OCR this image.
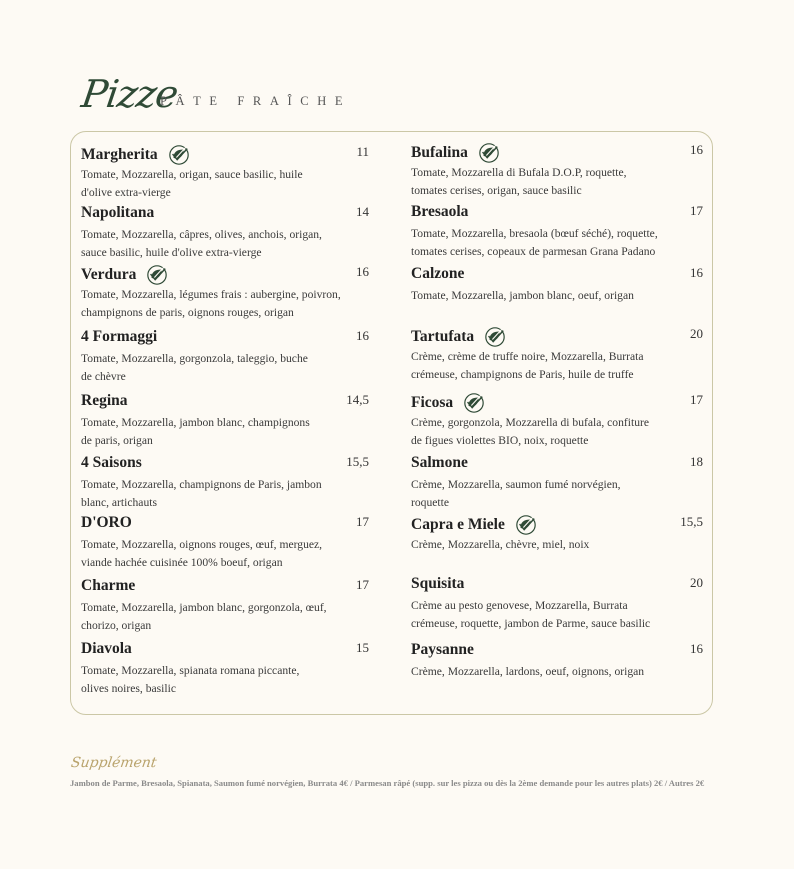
Pizze
PÂTE FRAÎCHE
Margherita	11
Tomate, Mozzarella, origan, sauce basilic, huile
d'olive extra-vierge
Napolitana	14
Tomate, Mozzarella, câpres, olives, anchois, origan,
sauce basilic, huile d'olive extra-vierge
Verdura	16
Tomate, Mozzarella, légumes frais : aubergine, poivron,
champignons de paris, oignons rouges, origan
4 Formaggi	16
Tomate, Mozzarella, gorgonzola, taleggio, buche
de chèvre
Regina	14,5
Tomate, Mozzarella, jambon blanc, champignons
de paris, origan
4 Saisons	15,5
Tomate, Mozzarella, champignons de Paris, jambon
blanc, artichauts
D'ORO	17
Tomate, Mozzarella, oignons rouges, œuf, merguez,
viande hachée cuisinée 100% boeuf, origan
Charme	17
Tomate, Mozzarella, jambon blanc, gorgonzola, œuf,
chorizo, origan
Diavola	15
Tomate, Mozzarella, spianata romana piccante,
olives noires, basilic
Bufalina	16
Tomate, Mozzarella di Bufala D.O.P, roquette,
tomates cerises, origan, sauce basilic
Bresaola	17
Tomate, Mozzarella, bresaola (bœuf séché), roquette,
tomates cerises, copeaux de parmesan Grana Padano
Calzone	16
Tomate, Mozzarella, jambon blanc, oeuf, origan
Tartufata	20
Crème, crème de truffe noire, Mozzarella, Burrata
crémeuse, champignons de Paris, huile de truffe
Ficosa	17
Crème, gorgonzola, Mozzarella di bufala, confiture
de figues violettes BIO, noix, roquette
Salmone	18
Crème, Mozzarella, saumon fumé norvégien,
roquette
Capra e Miele	15,5
Crème, Mozzarella, chèvre, miel, noix
Squisita	20
Crème au pesto genovese, Mozzarella, Burrata
crémeuse, roquette, jambon de Parme, sauce basilic
Paysanne	16
Crème, Mozzarella, lardons, oeuf, oignons, origan
Supplément
Jambon de Parme, Bresaola, Spianata, Saumon fumé norvégien, Burrata 4€ / Parmesan râpé (supp. sur les pizza ou dès la 2ème demande pour les autres plats) 2€ / Autres 2€
